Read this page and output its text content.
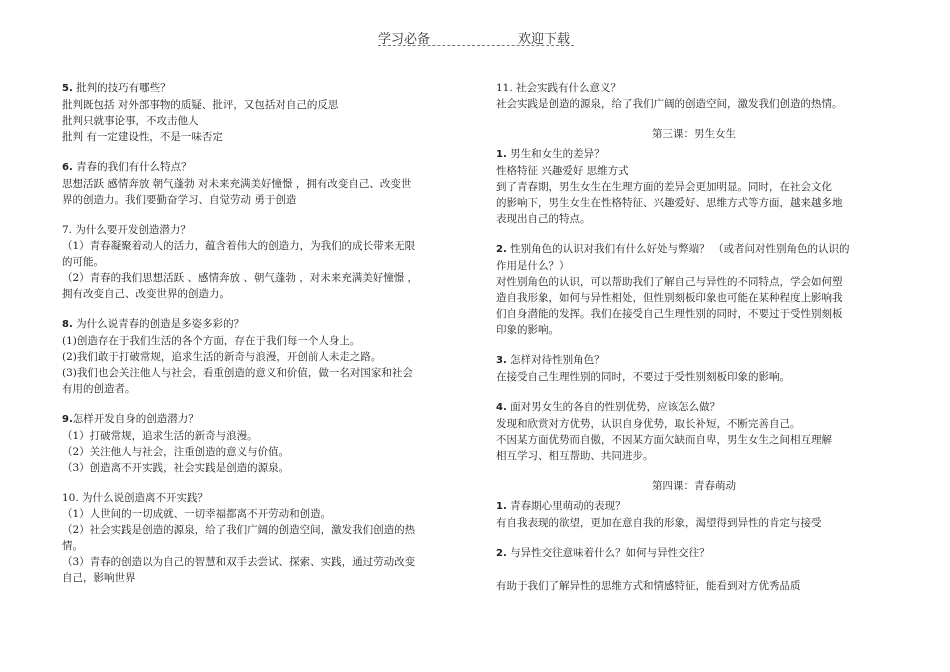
学习必备	欢迎下载
5. 批判的技巧有哪些？
批判既包括 对外部事物的质疑、批评，又包括对自己的反思
批判只就事论事，不攻击他人
批判 有一定建设性，不是一味否定
6. 青春的我们有什么特点？
思想活跃 感情奔放 朝气蓬勃 对未来充满美好憧憬 ，拥有改变自己、改变世
界的创造力。我们要勤奋学习、自觉劳动 勇于创造
7. 为什么要开发创造潜力？
（1）青春凝聚着动人的活力，蕴含着伟大的创造力，为我们的成长带来无限
的可能。
（2）青春的我们思想活跃 、感情奔放 、朝气蓬勃 ，对未来充满美好憧憬 ，
拥有改变自己、改变世界的创造力。
8. 为什么说青春的创造是多姿多彩的？
(1)创造存在于我们生活的各个方面，存在于我们每一个人身上。
(2)我们敢于打破常规，追求生活的新奇与浪漫，开创前人未走之路。
(3)我们也会关注他人与社会，看重创造的意义和价值，做一名对国家和社会
有用的创造者。
9.怎样开发自身的创造潜力？
（1）打破常规，追求生活的新奇与浪漫。
（2）关注他人与社会，注重创造的意义与价值。
（3）创造离不开实践，社会实践是创造的源泉。
10. 为什么说创造离不开实践？
（1）人世间的一切成就、一切幸福都离不开劳动和创造。
（2）社会实践是创造的源泉，给了我们广阔的创造空间，激发我们创造的热
情。
（3）青春的创造以为自己的智慧和双手去尝试、探索、实践，通过劳动改变
自己，影响世界
11. 社会实践有什么意义？
社会实践是创造的源泉，给了我们广阔的创造空间，激发我们创造的热情。
第三课：男生女生
1. 男生和女生的差异？
性格特征 兴趣爱好 思维方式
到了青春期，男生女生在生理方面的差异会更加明显。同时，在社会文化
的影响下，男生女生在性格特征、兴趣爱好、思维方式等方面，越来越多地
表现出自己的特点。
2. 性别角色的认识对我们有什么好处与弊端？ （或者问对性别角色的认识的
作用是什么？）
对性别角色的认识，可以帮助我们了解自己与异性的不同特点，学会如何塑
造自我形象，如何与异性相处，但性别刻板印象也可能在某种程度上影响我
们自身潜能的发挥。我们在接受自己生理性别的同时，不要过于受性别刻板
印象的影响。
3. 怎样对待性别角色？
在接受自己生理性别的同时，不要过于受性别刻板印象的影响。
4. 面对男女生的各自的性别优势，应该怎么做？
发现和欣赏对方优势，认识自身优势，取长补短，不断完善自己。
不因某方面优势而自傲，不因某方面欠缺而自卑，男生女生之间相互理解
相互学习、相互帮助、共同进步。
第四课：青春萌动
1. 青春期心里萌动的表现？
有自我表现的欲望，更加在意自我的形象，渴望得到异性的肯定与接受
2. 与异性交往意味着什么？如何与异性交往？

有助于我们了解异性的思维方式和情感特征，能看到对方优秀品质
